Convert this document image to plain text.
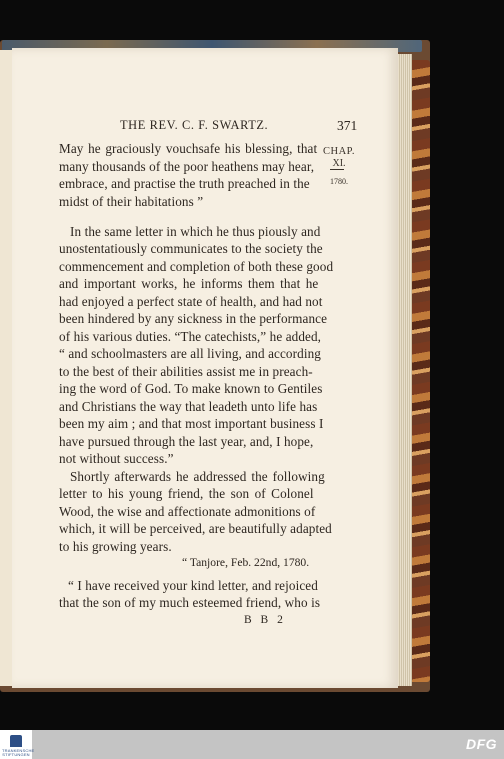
THE REV. C. F. SWARTZ.	371
CHAP.
XI.
1780.
May he graciously vouchsafe his blessing, that
many thousands of the poor heathens may hear,
embrace, and practise the truth preached in the
midst of their habitations ”
In the same letter in which he thus piously and
unostentatiously communicates to the society the
commencement and completion of both these good
and important works, he informs them that he
had enjoyed a perfect state of health, and had not
been hindered by any sickness in the performance
of his various duties. “The catechists,” he added,
“ and schoolmasters are all living, and according
to the best of their abilities assist me in preach-
ing the word of God. To make known to Gentiles
and Christians the way that leadeth unto life has
been my aim ; and that most important business I
have pursued through the last year, and, I hope,
not without success.”
Shortly afterwards he addressed the following
letter to his young friend, the son of Colonel
Wood, the wise and affectionate admonitions of
which, it will be perceived, are beautifully adapted
to his growing years.
“ Tanjore, Feb. 22nd, 1780.
“ I have received your kind letter, and rejoiced
that the son of my much esteemed friend, who is
B B 2
TRANKENSCHE STIFTUNGEN
DFG
